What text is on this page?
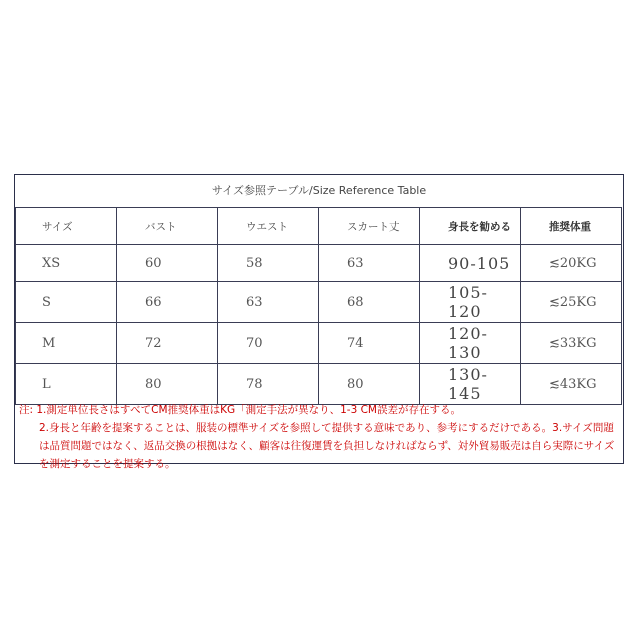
サイズ参照テーブル/Size Reference Table
サイズ	バスト	ウエスト	スカート丈	身長を勧める	推奨体重
XS	60	58	63	90-105	≲20KG
S	66	63	68	105-120	≲25KG
M	72	70	74	120-130	≲33KG
L	80	78	80	130-145	≲43KG

注: 1.測定単位長さはすべてCM推奨体重はKG「測定手法が異なり、1-3 CM誤差が存在する。

2.身長と年齢を提案することは、服装の標準サイズを参照して提供する意味であり、参考にするだけである。3.サイズ問題は品質問題ではなく、返品交換の根拠はなく、顧客は往復運賃を負担しなければならず、対外貿易販売は自ら実際にサイズを測定することを提案する。
